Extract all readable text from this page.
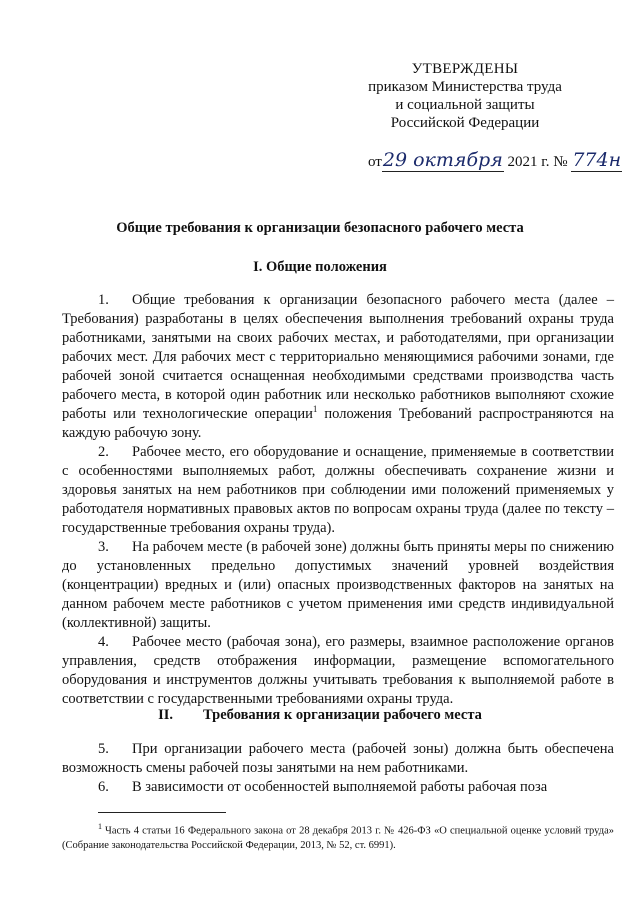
УТВЕРЖДЕНЫ
приказом Министерства труда
и социальной защиты
Российской Федерации
от29 октября 2021 г. № 774н
Общие требования к организации безопасного рабочего места
I. Общие положения

1. Общие требования к организации безопасного рабочего места (далее – Требования) разработаны в целях обеспечения выполнения требований охраны труда работниками, занятыми на своих рабочих местах, и работодателями, при организации рабочих мест. Для рабочих мест с территориально меняющимися рабочими зонами, где рабочей зоной считается оснащенная необходимыми средствами производства часть рабочего места, в которой один работник или несколько работников выполняют схожие работы или технологические операции$^1$ положения Требований распространяются на каждую рабочую зону.

2. Рабочее место, его оборудование и оснащение, применяемые в соответствии с особенностями выполняемых работ, должны обеспечивать сохранение жизни и здоровья занятых на нем работников при соблюдении ими положений применяемых у работодателя нормативных правовых актов по вопросам охраны труда (далее по тексту – государственные требования охраны труда).

3. На рабочем месте (в рабочей зоне) должны быть приняты меры по снижению до установленных предельно допустимых значений уровней воздействия (концентрации) вредных и (или) опасных производственных факторов на занятых на данном рабочем месте работников с учетом применения ими средств индивидуальной (коллективной) защиты.

4. Рабочее место (рабочая зона), его размеры, взаимное расположение органов управления, средств отображения информации, размещение вспомогательного оборудования и инструментов должны учитывать требования к выполняемой работе в соответствии с государственными требованиями охраны труда.

II. Требования к организации рабочего места

5. При организации рабочего места (рабочей зоны) должна быть обеспечена возможность смены рабочей позы занятыми на нем работниками.

6. В зависимости от особенностей выполняемой работы рабочая поза

$^1$ Часть 4 статьи 16 Федерального закона от 28 декабря 2013 г. № 426-ФЗ «О специальной оценке условий труда» (Собрание законодательства Российской Федерации, 2013, № 52, ст. 6991).
